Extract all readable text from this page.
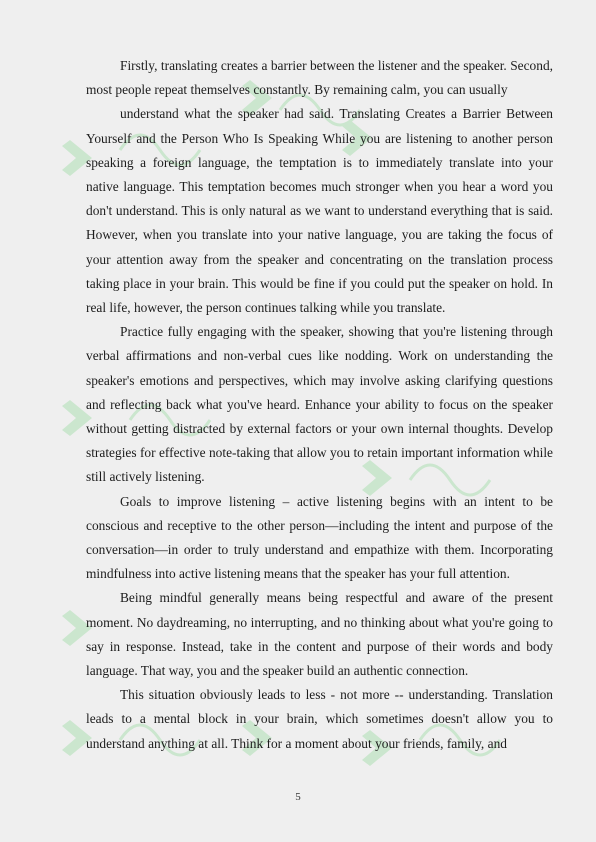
Firstly, translating creates a barrier between the listener and the speaker. Second, most people repeat themselves constantly. By remaining calm, you can usually

understand what the speaker had said. Translating Creates a Barrier Between Yourself and the Person Who Is Speaking While you are listening to another person speaking a foreign language, the temptation is to immediately translate into your native language. This temptation becomes much stronger when you hear a word you don't understand. This is only natural as we want to understand everything that is said. However, when you translate into your native language, you are taking the focus of your attention away from the speaker and concentrating on the translation process taking place in your brain. This would be fine if you could put the speaker on hold. In real life, however, the person continues talking while you translate.

Practice fully engaging with the speaker, showing that you're listening through verbal affirmations and non-verbal cues like nodding. Work on understanding the speaker's emotions and perspectives, which may involve asking clarifying questions and reflecting back what you've heard. Enhance your ability to focus on the speaker without getting distracted by external factors or your own internal thoughts. Develop strategies for effective note-taking that allow you to retain important information while still actively listening.

Goals to improve listening – active listening begins with an intent to be conscious and receptive to the other person—including the intent and purpose of the conversation—in order to truly understand and empathize with them. Incorporating mindfulness into active listening means that the speaker has your full attention.

Being mindful generally means being respectful and aware of the present moment. No daydreaming, no interrupting, and no thinking about what you're going to say in response. Instead, take in the content and purpose of their words and body language. That way, you and the speaker build an authentic connection.

This situation obviously leads to less - not more -- understanding. Translation leads to a mental block in your brain, which sometimes doesn't allow you to understand anything at all. Think for a moment about your friends, family, and

5
